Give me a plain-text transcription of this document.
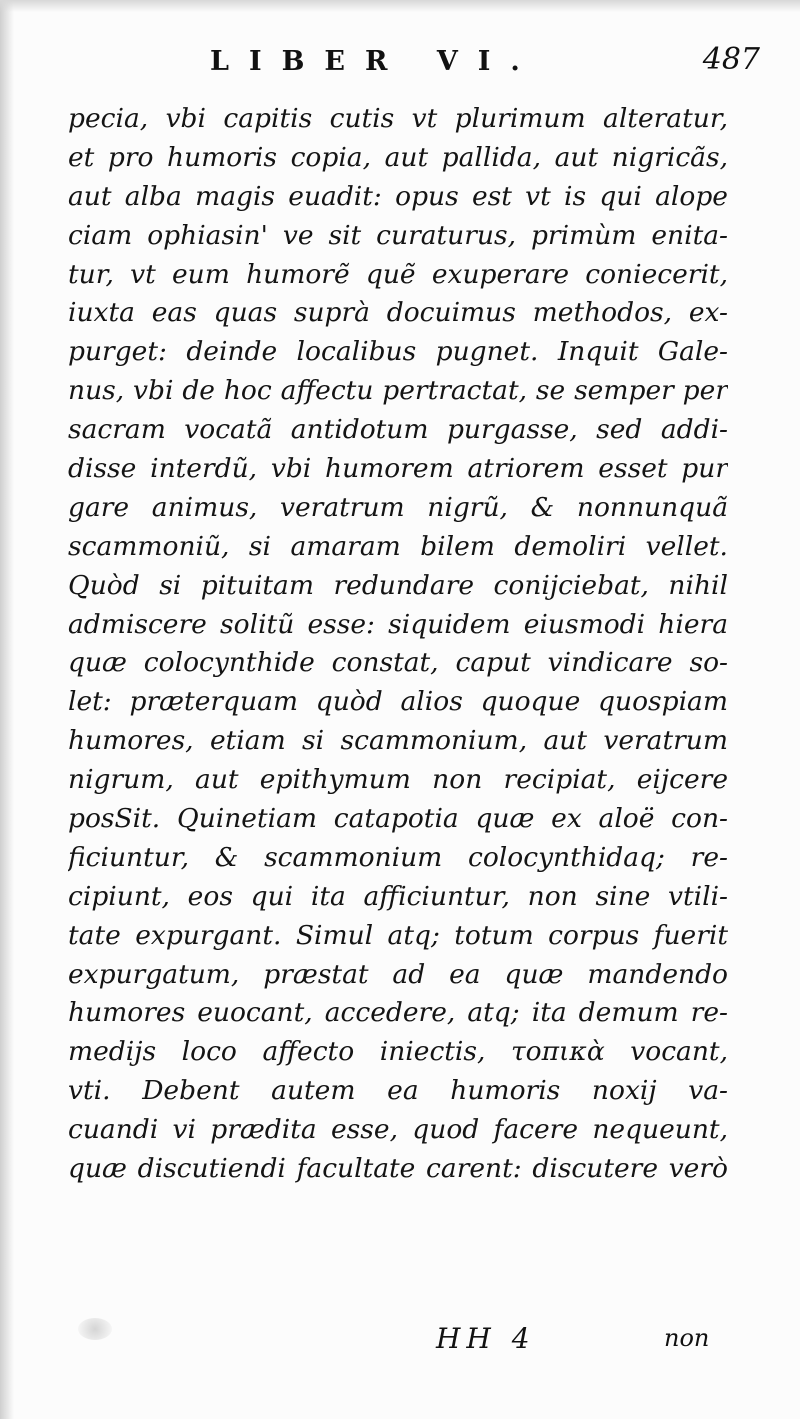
LIBER VI.	487
pecia, vbi capitis cutis vt plurimum alteratur,
et pro humoris copia, aut pallida, aut nigricãs,
aut alba magis euadit: opus est vt is qui alope
ciam ophiasin' ve sit curaturus, primùm enita-
tur, vt eum humorẽ quẽ exuperare coniecerit,
iuxta eas quas suprà docuimus methodos, ex-
purget: deinde localibus pugnet. Inquit Gale-
nus, vbi de hoc affectu pertractat, se semper per
sacram vocatã antidotum purgasse, sed addi-
disse interdũ, vbi humorem atriorem esset pur
gare animus, veratrum nigrũ, & nonnunquã
scammoniũ, si amaram bilem demoliri vellet.
Quòd si pituitam redundare conijciebat, nihil
admiscere solitũ esse: siquidem eiusmodi hiera
quæ colocynthide constat, caput vindicare so-
let: præterquam quòd alios quoque quospiam
humores, etiam si scammonium, aut veratrum
nigrum, aut epithymum non recipiat, eijcere
posSit. Quinetiam catapotia quæ ex aloë con-
ficiuntur, & scammonium colocynthidaq; re-
cipiunt, eos qui ita afficiuntur, non sine vtili-
tate expurgant. Simul atq; totum corpus fuerit
expurgatum, præstat ad ea quæ mandendo
humores euocant, accedere, atq; ita demum re-
medijs loco affecto iniectis, τοπικὰ vocant,
vti. Debent autem ea humoris noxij va-
cuandi vi prædita esse, quod facere nequeunt,
quæ discutiendi facultate carent: discutere verò
HH 4	non
